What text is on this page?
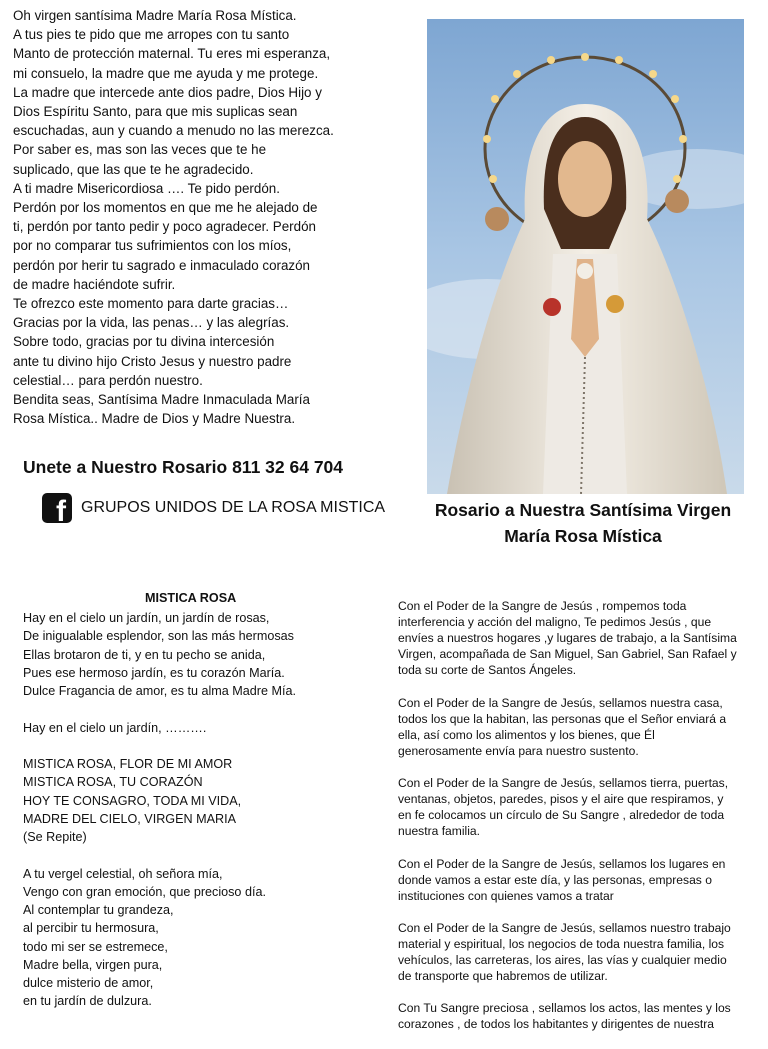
Oh virgen santísima Madre María Rosa Mística.
A tus pies te pido que me arropes con tu santo
Manto de protección maternal. Tu eres mi esperanza,
mi consuelo, la madre que me ayuda y me protege.
La madre que intercede ante dios padre, Dios Hijo y
Dios Espíritu Santo, para que mis suplicas sean
escuchadas, aun y cuando a menudo no las merezca.
Por saber es, mas son las veces que te he
suplicado, que las que te he agradecido.
A ti madre Misericordiosa …. Te pido perdón.
Perdón por los momentos en que me he alejado de
ti, perdón por tanto pedir y poco agradecer. Perdón
por no comparar tus sufrimientos con los míos,
perdón por herir tu sagrado e inmaculado corazón
de madre haciéndote sufrir.
Te ofrezco este momento para darte gracias…
Gracias por la vida, las penas… y las alegrías.
Sobre todo, gracias por tu divina intercesión
ante tu divino hijo Cristo Jesus y nuestro padre
celestial… para perdón nuestro.
Bendita seas, Santísima Madre Inmaculada María
Rosa Mística.. Madre de Dios y Madre Nuestra.
Unete a Nuestro Rosario 811 32 64 704
f GRUPOS UNIDOS DE LA ROSA MISTICA	Rosario a Nuestra Santísima Virgen
María Rosa Mística
MISTICA ROSA
Hay en el cielo un jardín, un jardín de rosas,
De inigualable esplendor, son las más hermosas
Ellas brotaron de ti, y en tu pecho se anida,
Pues ese hermoso jardín, es tu corazón María.
Dulce Fragancia de amor, es tu alma Madre Mía.
Hay en el cielo un jardín, ……….
MISTICA ROSA, FLOR DE MI AMOR
MISTICA ROSA, TU CORAZÓN
HOY TE CONSAGRO, TODA MI VIDA,
MADRE DEL CIELO, VIRGEN MARIA
(Se Repite)
A tu vergel celestial, oh señora mía,
Vengo con gran emoción, que precioso día.
Al contemplar tu grandeza,
al percibir tu hermosura,
todo mi ser se estremece,
Madre bella, virgen pura,
dulce misterio de amor,
en tu jardín de dulzura.
Con el Poder de la Sangre de Jesús , rompemos toda
interferencia y acción del maligno, Te pedimos Jesús , que
envíes a nuestros hogares ,y lugares de trabajo, a la Santísima
Virgen, acompañada de San Miguel, San Gabriel, San Rafael y
toda su corte de Santos Ángeles.
Con el Poder de la Sangre de Jesús, sellamos nuestra casa,
todos los que la habitan, las personas que el Señor enviará a
ella, así como los alimentos y los bienes, que Él
generosamente envía para nuestro sustento.
Con el Poder de la Sangre de Jesús, sellamos tierra, puertas,
ventanas, objetos, paredes, pisos y el aire que respiramos, y
en fe colocamos un círculo de Su Sangre , alrededor de toda
nuestra familia.
Con el Poder de la Sangre de Jesús, sellamos los lugares en
donde vamos a estar este día, y las personas, empresas o
instituciones con quienes vamos a tratar
Con el Poder de la Sangre de Jesús, sellamos nuestro trabajo
material y espiritual, los negocios de toda nuestra familia, los
vehículos, las carreteras, los aires, las vías y cualquier medio
de transporte que habremos de utilizar.
Con Tu Sangre preciosa , sellamos los actos, las mentes y los
corazones , de todos los habitantes y dirigentes de nuestra
